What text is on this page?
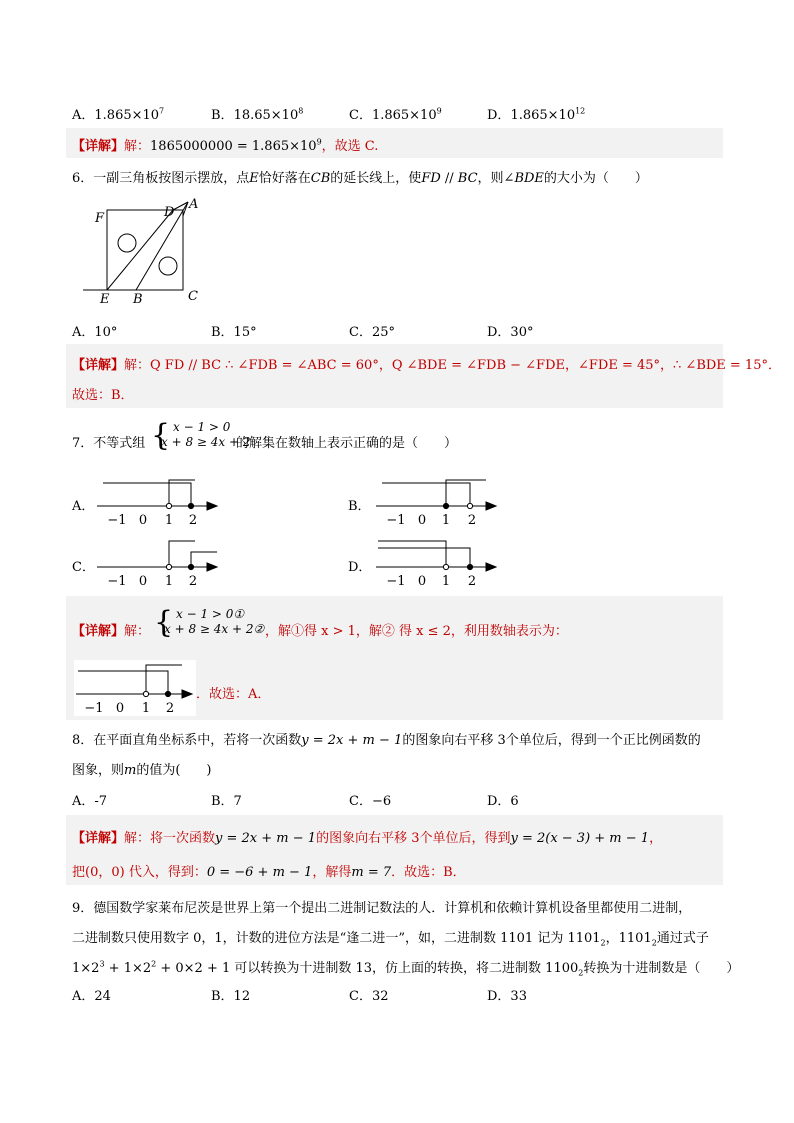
A．$1.865\times 10^7$	B．$18.65\times 10^8$	C．$1.865\times 10^9$	D．$1.865\times 10^{12}$
【详解】解：$1865000000 = 1.865\times 10^9$，故选 C.
6．一副三角板按图示摆放，点E恰好落在CB的延长线上，使FD // BC，则∠BDE的大小为（　　）
F	D
A
E B	C
A．10°	B．15°	C．25°	D．30°
【详解】解：Q FD // BC ∴ ∠FDB = ∠ABC = 60°，Q ∠BDE = ∠FDB − ∠FDE，∠FDE = 45°，∴ ∠BDE = 15°．
故选：B．
7．不等式组 { x − 1 > 0
x + 8 ≥ 4x + 2
的解集在数轴上表示正确的是（　　）
A．	B．
C．	D．
−1 0 1 2	−1 0 1 2
−1 0 1 2	−1 0 1 2
【详解】解： { x − 1 > 0①
x + 8 ≥ 4x + 2② ，解①得 x > 1，解② 得 x ≤ 2，利用数轴表示为：
−1 0 1 2
．故选：A．
8．在平面直角坐标系中，若将一次函数y = 2x + m − 1的图象向右平移 3个单位后，得到一个正比例函数的
图象，则m的值为(　　)
A．-7	B．7	C．−6	D．6
【详解】解：将一次函数y = 2x + m − 1的图象向右平移 3个单位后，得到y = 2(x − 3) + m − 1，
把(0，0) 代入，得到：0 = −6 + m − 1，解得m = 7．故选：B．
9．德国数学家莱布尼茨是世界上第一个提出二进制记数法的人．计算机和依赖计算机设备里都使用二进制，
二进制数只使用数字 0，1，计数的进位方法是“逢二进一”，如，二进制数 1101 记为 $1101_2$，$1101_2$通过式子
$1\times 2^3 + 1\times 2^2 + 0\times 2 + 1$ 可以转换为十进制数 13，仿上面的转换，将二进制数 $1100_2$转换为十进制数是（　　）
A．24	B．12	C．32	D．33
